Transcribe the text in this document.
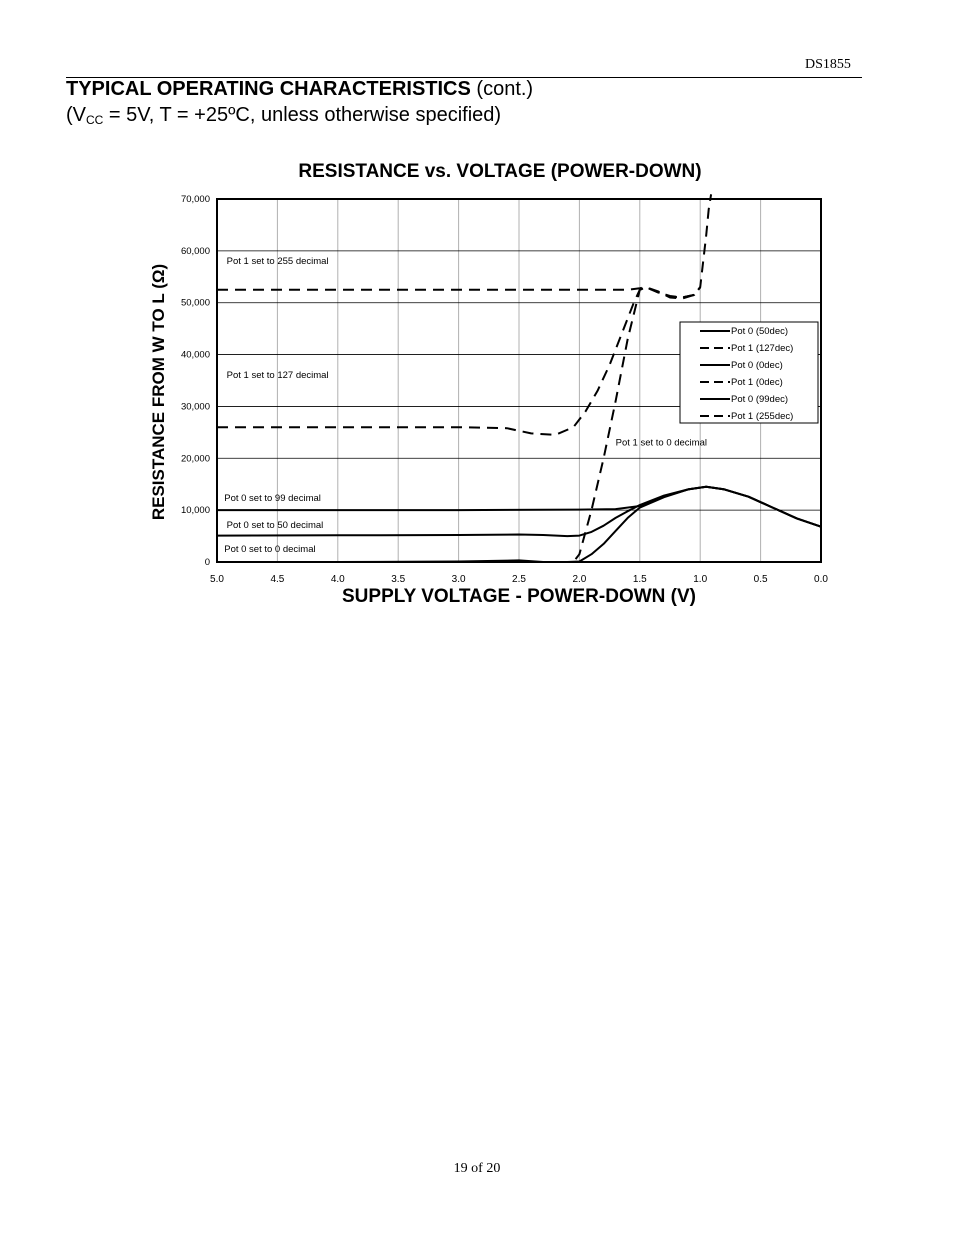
DS1855
TYPICAL OPERATING CHARACTERISTICS (cont.)
($V_{CC} = 5V$, T = +25ºC, unless otherwise specified)
RESISTANCE vs. VOLTAGE (POWER-DOWN)
5.0	4.5	4.0	3.5	3.0	2.5	2.0	1.5	1.0	0.5	0.0
0
10,000
20,000
30,000
40,000
50,000
60,000
70,000
Pot 1 set to 255 decimal
Pot 1 set to 127 decimal
Pot 1 set to 0 decimal
Pot 0 set to 99 decimal
Pot 0 set to 50 decimal
Pot 0 set to 0 decimal
Pot 0 (50dec)
Pot 1 (127dec)
Pot 0 (0dec)
Pot 1 (0dec)
Pot 0 (99dec)
Pot 1 (255dec)
SUPPLY VOLTAGE - POWER-DOWN (V)
RESISTANCE FROM W TO L (Ω)
19 of 20
